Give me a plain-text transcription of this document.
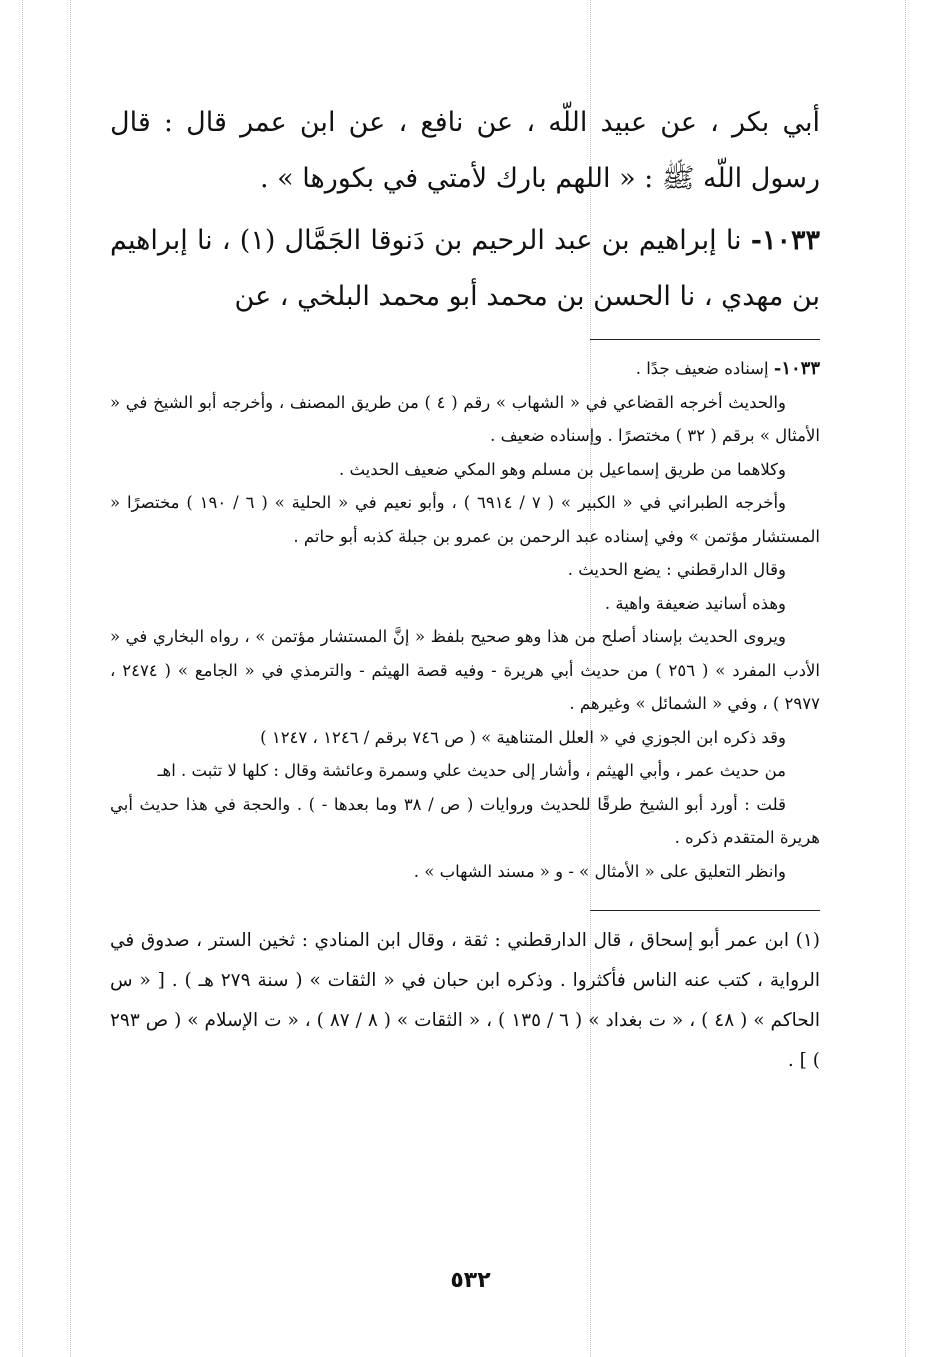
أبي بكر ، عن عبيد اللّه ، عن نافع ، عن ابن عمر قال : قال رسول اللّه ﷺ : « اللهم بارك لأمتي في بكورها » .

١٠٣٣- نا إبراهيم بن عبد الرحيم بن دَنوقا الجَمَّال (١) ، نا إبراهيم بن مهدي ، نا الحسن بن محمد أبو محمد البلخي ، عن

١٠٣٣- إسناده ضعيف جدًا .

والحديث أخرجه القضاعي في « الشهاب » رقم ( ٤ ) من طريق المصنف ، وأخرجه أبو الشيخ في « الأمثال » برقم ( ٣٢ ) مختصرًا . وإسناده ضعيف .

وكلاهما من طريق إسماعيل بن مسلم وهو المكي ضعيف الحديث .

وأخرجه الطبراني في « الكبير » ( ٧ / ٦٩١٤ ) ، وأبو نعيم في « الحلية » ( ٦ / ١٩٠ ) مختصرًا « المستشار مؤتمن » وفي إسناده عبد الرحمن بن عمرو بن جبلة كذبه أبو حاتم .

وقال الدارقطني : يضع الحديث .

وهذه أسانيد ضعيفة واهية .

ويروى الحديث بإسناد أصلح من هذا وهو صحيح بلفظ « إنَّ المستشار مؤتمن » ، رواه البخاري في « الأدب المفرد » ( ٢٥٦ ) من حديث أبي هريرة - وفيه قصة الهيثم - والترمذي في « الجامع » ( ٢٤٧٤ ، ٢٩٧٧ ) ، وفي « الشمائل » وغيرهم .

وقد ذكره ابن الجوزي في « العلل المتناهية » ( ص ٧٤٦ برقم / ١٢٤٦ ، ١٢٤٧ )

من حديث عمر ، وأبي الهيثم ، وأشار إلى حديث علي وسمرة وعائشة وقال : كلها لا تثبت . اهـ

قلت : أورد أبو الشيخ طرقًا للحديث وروايات ( ص / ٣٨ وما بعدها - ) . والحجة في هذا حديث أبي هريرة المتقدم ذكره .

وانظر التعليق على « الأمثال » - و « مسند الشهاب » .

(١) ابن عمر أبو إسحاق ، قال الدارقطني : ثقة ، وقال ابن المنادي : ثخين الستر ، صدوق في الرواية ، كتب عنه الناس فأكثروا . وذكره ابن حبان في « الثقات » ( سنة ٢٧٩ هـ ) . [ « س الحاكم » ( ٤٨ ) ، « ت بغداد » ( ٦ / ١٣٥ ) ، « الثقات » ( ٨ / ٨٧ ) ، « ت الإسلام » ( ص ٢٩٣ ) ] .

٥٣٢
